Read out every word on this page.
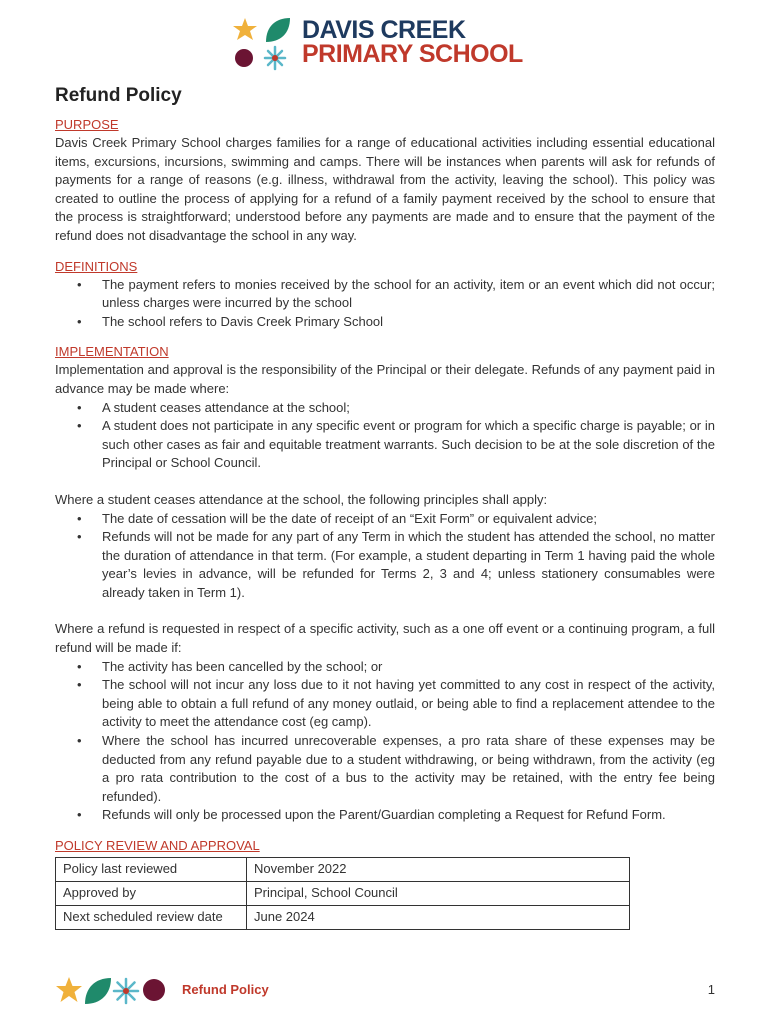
DAVIS CREEK
PRIMARY SCHOOL
Refund Policy
PURPOSE

Davis Creek Primary School charges families for a range of educational activities including essential educational items, excursions, incursions, swimming and camps. There will be instances when parents will ask for refunds of payments for a range of reasons (e.g. illness, withdrawal from the activity, leaving the school). This policy was created to outline the process of applying for a refund of a family payment received by the school to ensure that the process is straightforward; understood before any payments are made and to ensure that the payment of the refund does not disadvantage the school in any way.

DEFINITIONS
• The payment refers to monies received by the school for an activity, item or an event which did not occur; unless charges were incurred by the school
• The school refers to Davis Creek Primary School
IMPLEMENTATION

Implementation and approval is the responsibility of the Principal or their delegate. Refunds of any payment paid in advance may be made where:

• A student ceases attendance at the school;
• A student does not participate in any specific event or program for which a specific charge is payable; or in such other cases as fair and equitable treatment warrants. Such decision to be at the sole discretion of the Principal or School Council.

Where a student ceases attendance at the school, the following principles shall apply:

• The date of cessation will be the date of receipt of an “Exit Form” or equivalent advice;
• Refunds will not be made for any part of any Term in which the student has attended the school, no matter the duration of attendance in that term. (For example, a student departing in Term 1 having paid the whole year’s levies in advance, will be refunded for Terms 2, 3 and 4; unless stationery consumables were already taken in Term 1).

Where a refund is requested in respect of a specific activity, such as a one off event or a continuing program, a full refund will be made if:

• The activity has been cancelled by the school; or
• The school will not incur any loss due to it not having yet committed to any cost in respect of the activity, being able to obtain a full refund of any money outlaid, or being able to find a replacement attendee to the activity to meet the attendance cost (eg camp).
• Where the school has incurred unrecoverable expenses, a pro rata share of these expenses may be deducted from any refund payable due to a student withdrawing, or being withdrawn, from the activity (eg a pro rata contribution to the cost of a bus to the activity may be retained, with the entry fee being refunded).
• Refunds will only be processed upon the Parent/Guardian completing a Request for Refund Form.
POLICY REVIEW AND APPROVAL
Policy last reviewed	November 2022
Approved by	Principal, School Council
Next scheduled review date	June 2024
Refund Policy	1
